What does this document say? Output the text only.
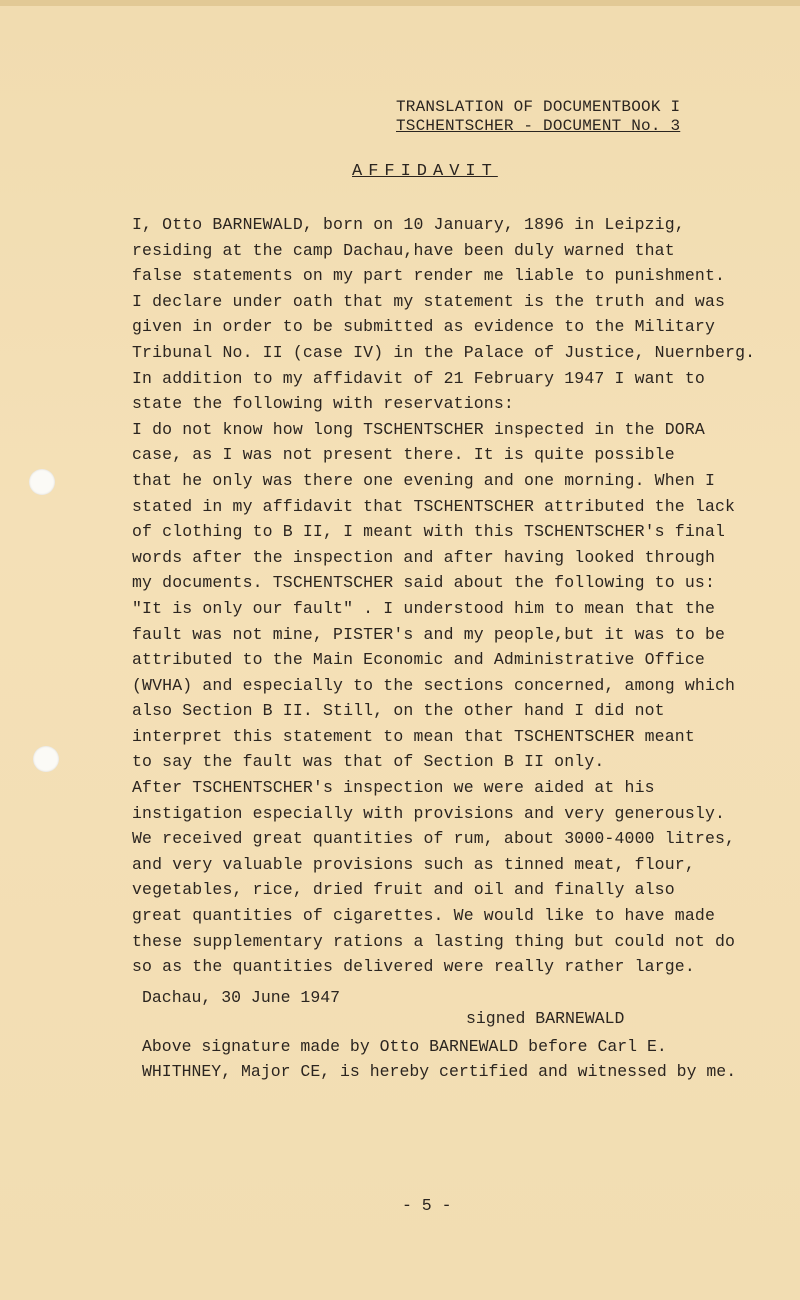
TRANSLATION OF DOCUMENTBOOK I
TSCHENTSCHER - DOCUMENT No. 3
AFFIDAVIT
I, Otto BARNEWALD, born on 10 January, 1896 in Leipzig,
residing at the camp Dachau,have been duly warned that
false statements on my part render me liable to punishment.
I declare under oath that my statement is the truth and was
given in order to be submitted as evidence to the Military
Tribunal No. II (case IV) in the Palace of Justice, Nuernberg.
In addition to my affidavit of 21 February 1947 I want to
state the following with reservations:
I do not know how long TSCHENTSCHER inspected in the DORA
case, as I was not present there. It is quite possible
that he only was there one evening and one morning. When I
stated in my affidavit that TSCHENTSCHER attributed the lack
of clothing to B II, I meant with this TSCHENTSCHER's final
words after the inspection and after having looked through
my documents. TSCHENTSCHER said about the following to us:
"It is only our fault" . I understood him to mean that the
fault was not mine, PISTER's and my people,but it was to be
attributed to the Main Economic and Administrative Office
(WVHA) and especially to the sections concerned, among which
also Section B II. Still, on the other hand I did not
interpret this statement to mean that TSCHENTSCHER meant
to say the fault was that of Section B II only.
After TSCHENTSCHER's inspection we were aided at his
instigation especially with provisions and very generously.
We received great quantities of rum, about 3000-4000 litres,
and very valuable provisions such as tinned meat, flour,
vegetables, rice, dried fruit and oil and finally also
great quantities of cigarettes. We would like to have made
these supplementary rations a lasting thing but could not do
so as the quantities delivered were really rather large.
Dachau, 30 June 1947
signed BARNEWALD
Above signature made by Otto BARNEWALD before Carl E.
WHITHNEY, Major CE, is hereby certified and witnessed by me.
- 5 -
